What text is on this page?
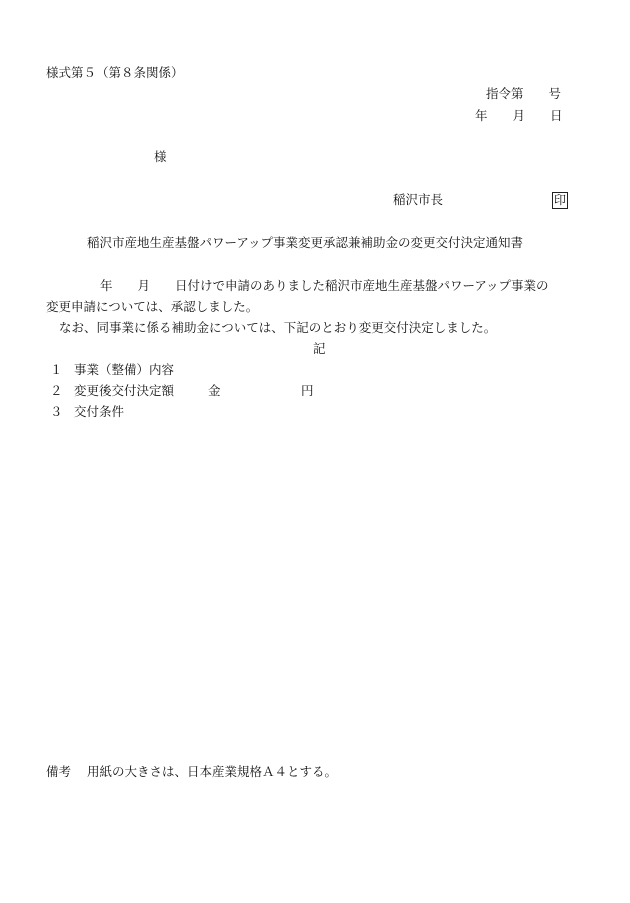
様式第５（第８条関係）
指令第　　号
年　　月　　日
様
稲沢市長	印
稲沢市産地生産基盤パワーアップ事業変更承認兼補助金の変更交付決定通知書
年　　月　　日付けで申請のありました稲沢市産地生産基盤パワーアップ事業の
変更申請については、承認しました。
なお、同事業に係る補助金については、下記のとおり変更交付決定しました。
記
１ 事業（整備）内容
２ 変更後交付決定額	金	円
３ 交付条件
備考 用紙の大きさは、日本産業規格Ａ４とする。
